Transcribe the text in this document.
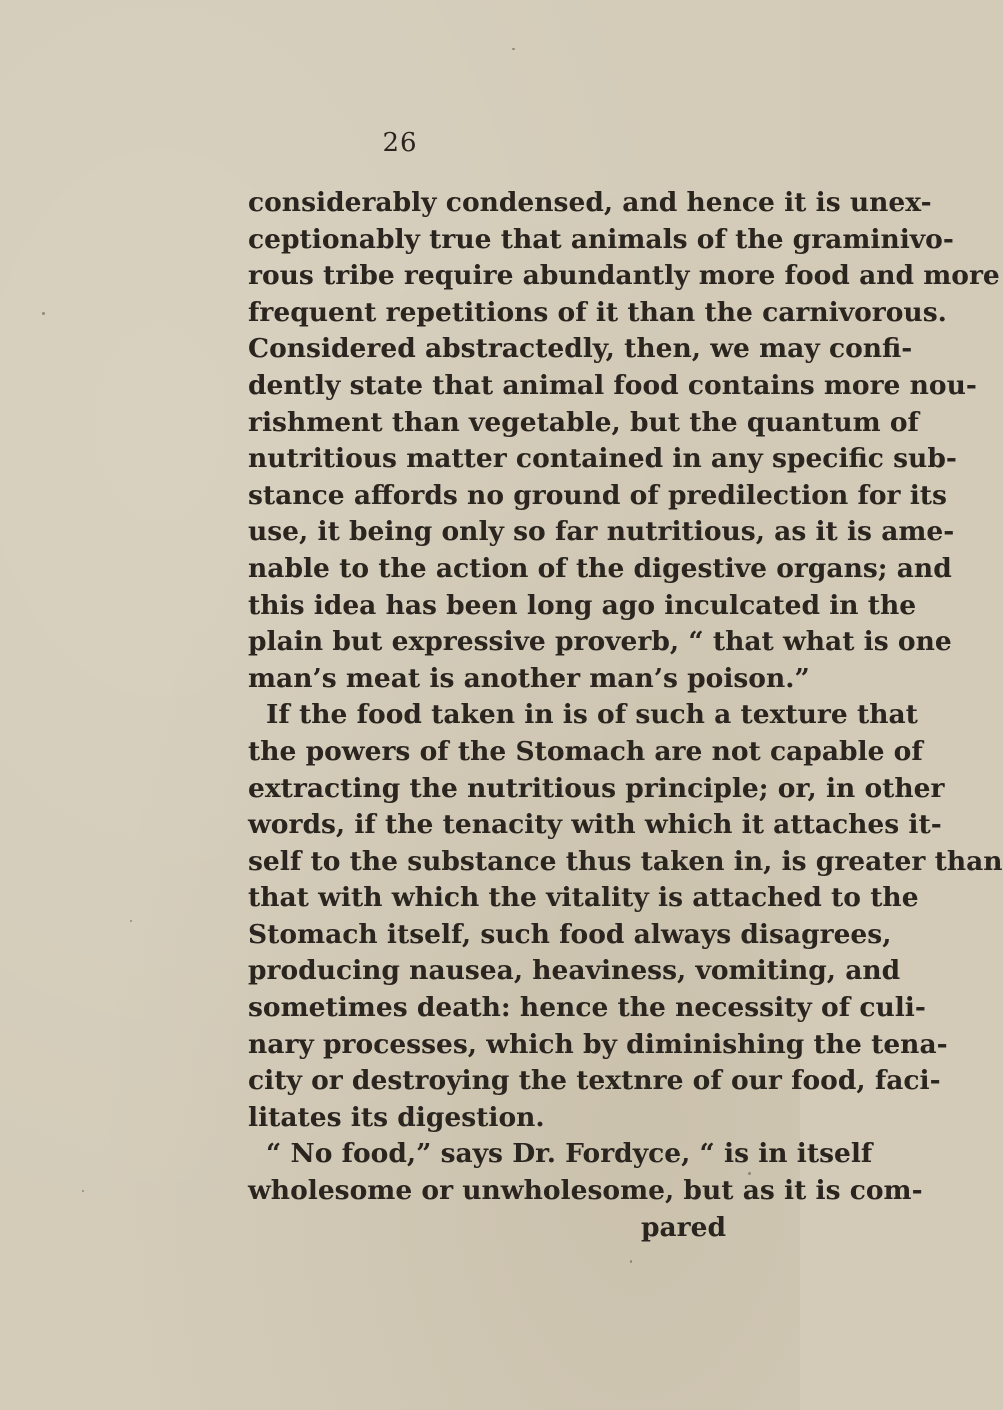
26
considerably condensed, and hence it is unex-
ceptionably true that animals of the graminivo-
rous tribe require abundantly more food and more
frequent repetitions of it than the carnivorous.
Considered abstractedly, then, we may confi-
dently state that animal food contains more nou-
rishment than vegetable, but the quantum of
nutritious matter contained in any specific sub-
stance affords no ground of predilection for its
use, it being only so far nutritious, as it is ame-
nable to the action of the digestive organs; and
this idea has been long ago inculcated in the
plain but expressive proverb, “ that what is one
man’s meat is another man’s poison.”
If the food taken in is of such a texture that
the powers of the Stomach are not capable of
extracting the nutritious principle; or, in other
words, if the tenacity with which it attaches it-
self to the substance thus taken in, is greater than
that with which the vitality is attached to the
Stomach itself, such food always disagrees,
producing nausea, heaviness, vomiting, and
sometimes death: hence the necessity of culi-
nary processes, which by diminishing the tena-
city or destroying the textnre of our food, faci-
litates its digestion.
“ No food,” says Dr. Fordyce, “ is in itself
wholesome or unwholesome, but as it is com-
pared
